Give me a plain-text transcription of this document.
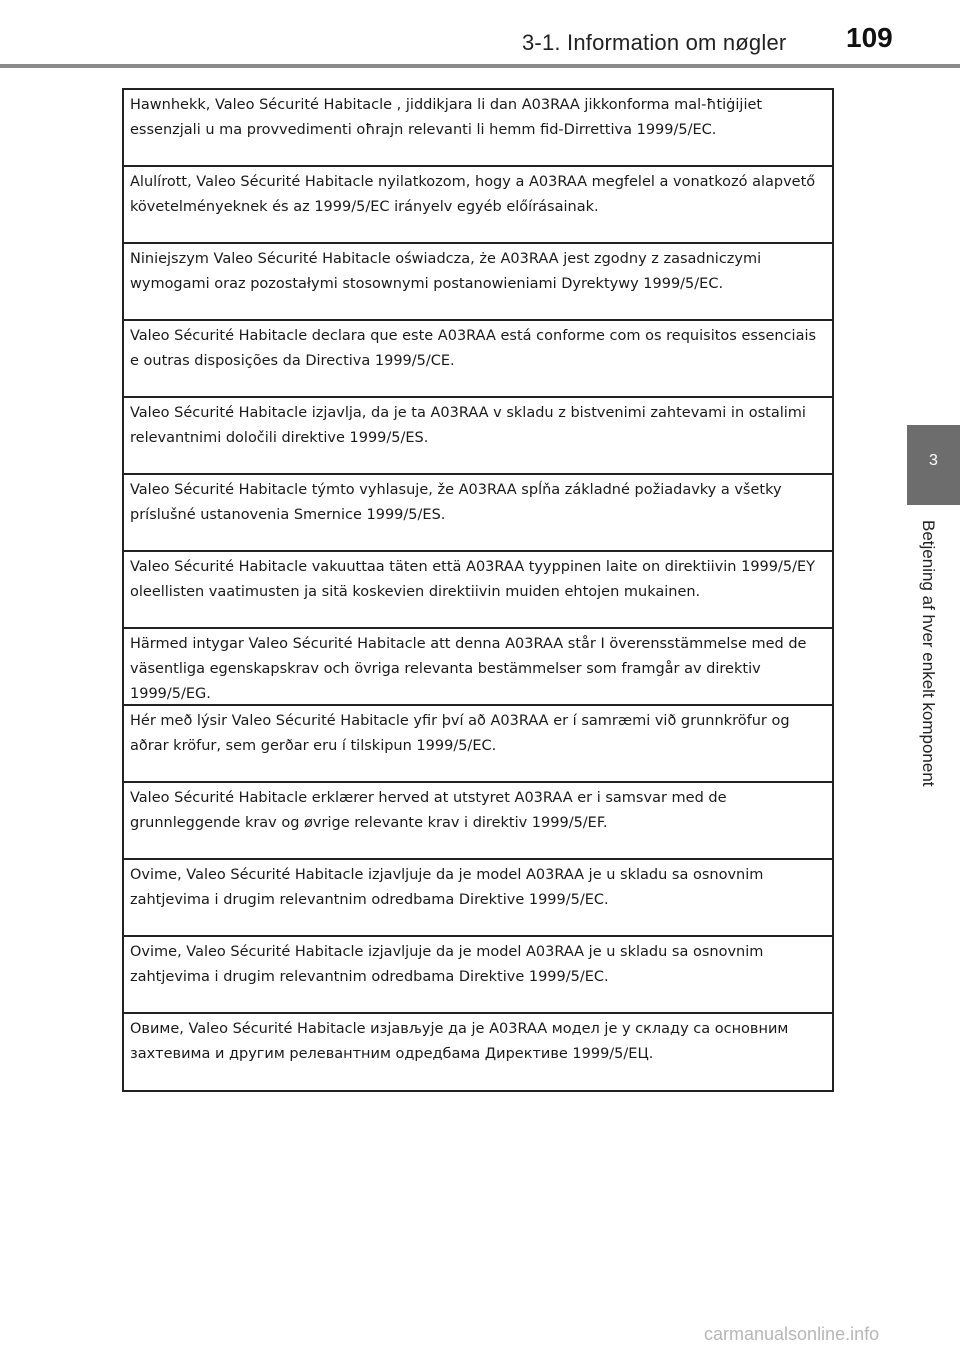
3-1. Information om nøgler 109
3
Betjening af hver enkelt komponent
Hawnhekk, Valeo Sécurité Habitacle , jiddikjara li dan A03RAA jikkonforma mal-ħtiġijiet essenzjali u ma provvedimenti oħrajn relevanti li hemm fid-Dirrettiva 1999/5/EC.
Alulírott, Valeo Sécurité Habitacle nyilatkozom, hogy a A03RAA megfelel a vonatkozó alapvető követelményeknek és az 1999/5/EC irányelv egyéb előírásainak.
Niniejszym Valeo Sécurité Habitacle oświadcza, że A03RAA jest zgodny z zasadniczymi wymogami oraz pozostałymi stosownymi postanowieniami Dyrektywy 1999/5/EC.
Valeo Sécurité Habitacle declara que este A03RAA está conforme com os requisitos essenciais e outras disposições da Directiva 1999/5/CE.
Valeo Sécurité Habitacle izjavlja, da je ta A03RAA v skladu z bistvenimi zahtevami in ostalimi relevantnimi določili direktive 1999/5/ES.
Valeo Sécurité Habitacle týmto vyhlasuje, že A03RAA spĺňa základné požiadavky a všetky príslušné ustanovenia Smernice 1999/5/ES.
Valeo Sécurité Habitacle vakuuttaa täten että A03RAA tyyppinen laite on direktiivin 1999/5/EY oleellisten vaatimusten ja sitä koskevien direktiivin muiden ehtojen mukainen.
Härmed intygar Valeo Sécurité Habitacle att denna A03RAA står I överensstämmelse med de väsentliga egenskapskrav och övriga relevanta bestämmelser som framgår av direktiv 1999/5/EG.
Hér með lýsir Valeo Sécurité Habitacle yfir því að A03RAA er í samræmi við grunnkröfur og aðrar kröfur, sem gerðar eru í tilskipun 1999/5/EC.
Valeo Sécurité Habitacle erklærer herved at utstyret A03RAA er i samsvar med de grunnleggende krav og øvrige relevante krav i direktiv 1999/5/EF.
Ovime, Valeo Sécurité Habitacle izjavljuje da je model A03RAA je u skladu sa osnovnim zahtjevima i drugim relevantnim odredbama Direktive 1999/5/EC.
Ovime, Valeo Sécurité Habitacle izjavljuje da je model A03RAA je u skladu sa osnovnim zahtjevima i drugim relevantnim odredbama Direktive 1999/5/EC.
Овиме, Valeo Sécurité Habitacle изјављује да је A03RAA модел је у складу са основним захтевима и другим релевантним одредбама Директиве 1999/5/ЕЦ.
carmanualsonline.info
